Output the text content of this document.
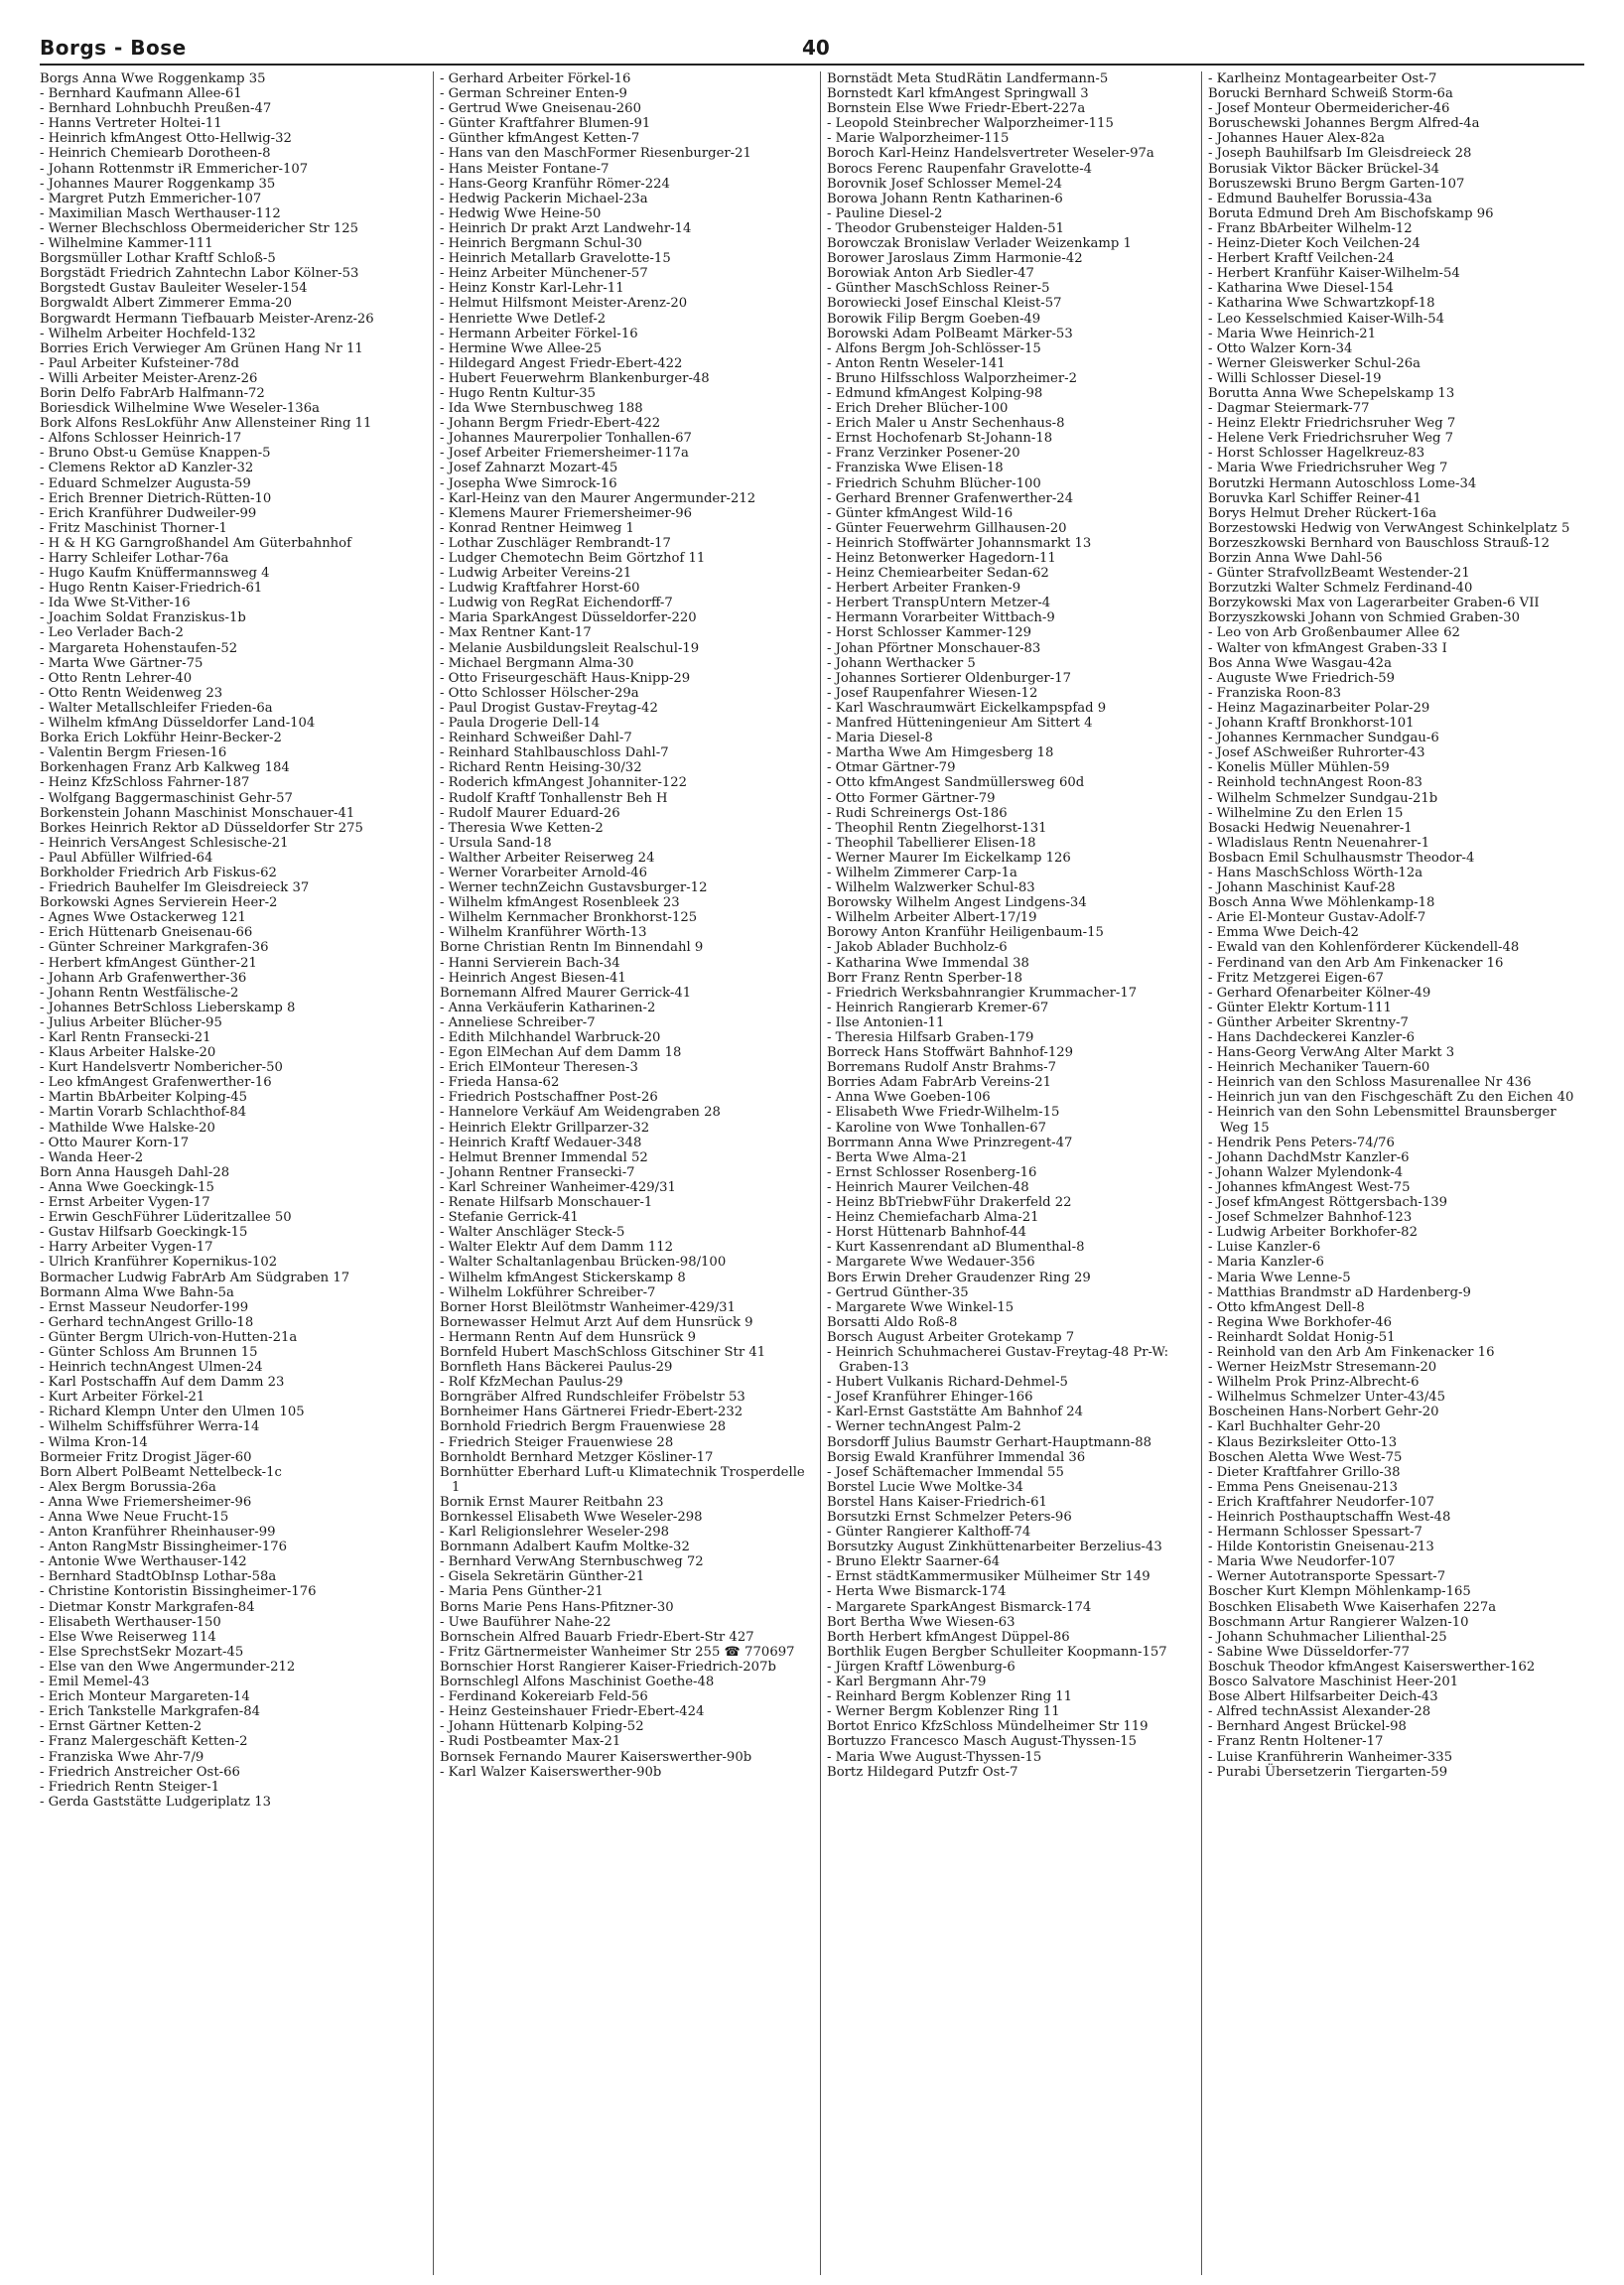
Borgs - Bose	40

Borgs Anna Wwe Roggenkamp 35

- Bernhard Kaufmann Allee-61

- Bernhard Lohnbuchh Preußen-47

- Hanns Vertreter Holtei-11

- Heinrich kfmAngest Otto-Hellwig-32

- Heinrich Chemiearb Dorotheen-8

- Johann Rottenmstr iR Emmericher-107

- Johannes Maurer Roggenkamp 35

- Margret Putzh Emmericher-107

- Maximilian Masch Werthauser-112

- Werner Blechschloss Obermeidericher Str 125

- Wilhelmine Kammer-111

Borgsmüller Lothar Kraftf Schloß-5

Borgstädt Friedrich Zahntechn Labor Kölner-53

Borgstedt Gustav Bauleiter Weseler-154

Borgwaldt Albert Zimmerer Emma-20

Borgwardt Hermann Tiefbauarb Meister-Arenz-26

- Wilhelm Arbeiter Hochfeld-132

Borries Erich Verwieger Am Grünen Hang Nr 11

- Paul Arbeiter Kufsteiner-78d

- Willi Arbeiter Meister-Arenz-26

Borin Delfo FabrArb Halfmann-72

Boriesdick Wilhelmine Wwe Weseler-136a

Bork Alfons ResLokführ Anw Allensteiner Ring 11

- Alfons Schlosser Heinrich-17

- Bruno Obst-u Gemüse Knappen-5

- Clemens Rektor aD Kanzler-32

- Eduard Schmelzer Augusta-59

- Erich Brenner Dietrich-Rütten-10

- Erich Kranführer Dudweiler-99

- Fritz Maschinist Thorner-1

- H & H KG Garngroßhandel Am Güterbahnhof

- Harry Schleifer Lothar-76a

- Hugo Kaufm Knüffermannsweg 4

- Hugo Rentn Kaiser-Friedrich-61

- Ida Wwe St-Vither-16

- Joachim Soldat Franziskus-1b

- Leo Verlader Bach-2

- Margareta Hohenstaufen-52

- Marta Wwe Gärtner-75

- Otto Rentn Lehrer-40

- Otto Rentn Weidenweg 23

- Walter Metallschleifer Frieden-6a

- Wilhelm kfmAng Düsseldorfer Land-104

Borka Erich Lokführ Heinr-Becker-2

- Valentin Bergm Friesen-16

Borkenhagen Franz Arb Kalkweg 184

- Heinz KfzSchloss Fahrner-187

- Wolfgang Baggermaschinist Gehr-57

Borkenstein Johann Maschinist Monschauer-41

Borkes Heinrich Rektor aD Düsseldorfer Str 275

- Heinrich VersAngest Schlesische-21

- Paul Abfüller Wilfried-64

Borkholder Friedrich Arb Fiskus-62

- Friedrich Bauhelfer Im Gleisdreieck 37

Borkowski Agnes Servierein Heer-2

- Agnes Wwe Ostackerweg 121

- Erich Hüttenarb Gneisenau-66

- Günter Schreiner Markgrafen-36

- Herbert kfmAngest Günther-21

- Johann Arb Grafenwerther-36

- Johann Rentn Westfälische-2

- Johannes BetrSchloss Lieberskamp 8

- Julius Arbeiter Blücher-95

- Karl Rentn Fransecki-21

- Klaus Arbeiter Halske-20

- Kurt Handelsvertr Nombericher-50

- Leo kfmAngest Grafenwerther-16

- Martin BbArbeiter Kolping-45

- Martin Vorarb Schlachthof-84

- Mathilde Wwe Halske-20

- Otto Maurer Korn-17

- Wanda Heer-2

Born Anna Hausgeh Dahl-28

- Anna Wwe Goeckingk-15

- Ernst Arbeiter Vygen-17

- Erwin GeschFührer Lüderitzallee 50

- Gustav Hilfsarb Goeckingk-15

- Harry Arbeiter Vygen-17

- Ulrich Kranführer Kopernikus-102

Bormacher Ludwig FabrArb Am Südgraben 17

Bormann Alma Wwe Bahn-5a

- Ernst Masseur Neudorfer-199

- Gerhard technAngest Grillo-18

- Günter Bergm Ulrich-von-Hutten-21a

- Günter Schloss Am Brunnen 15

- Heinrich technAngest Ulmen-24

- Karl Postschaffn Auf dem Damm 23

- Kurt Arbeiter Förkel-21

- Richard Klempn Unter den Ulmen 105

- Wilhelm Schiffsführer Werra-14

- Wilma Kron-14

Bormeier Fritz Drogist Jäger-60

Born Albert PolBeamt Nettelbeck-1c

- Alex Bergm Borussia-26a

- Anna Wwe Friemersheimer-96

- Anna Wwe Neue Frucht-15

- Anton Kranführer Rheinhauser-99

- Anton RangMstr Bissingheimer-176

- Antonie Wwe Werthauser-142

- Bernhard StadtObInsp Lothar-58a

- Christine Kontoristin Bissingheimer-176

- Dietmar Konstr Markgrafen-84

- Elisabeth Werthauser-150

- Else Wwe Reiserweg 114

- Else SprechstSekr Mozart-45

- Else van den Wwe Angermunder-212

- Emil Memel-43

- Erich Monteur Margareten-14

- Erich Tankstelle Markgrafen-84

- Ernst Gärtner Ketten-2

- Franz Malergeschäft Ketten-2

- Franziska Wwe Ahr-7/9

- Friedrich Anstreicher Ost-66

- Friedrich Rentn Steiger-1

- Gerda Gaststätte Ludgeriplatz 13

- Gerhard Arbeiter Förkel-16

- German Schreiner Enten-9

- Gertrud Wwe Gneisenau-260

- Günter Kraftfahrer Blumen-91

- Günther kfmAngest Ketten-7

- Hans van den MaschFormer Riesenburger-21

- Hans Meister Fontane-7

- Hans-Georg Kranführ Römer-224

- Hedwig Packerin Michael-23a

- Hedwig Wwe Heine-50

- Heinrich Dr prakt Arzt Landwehr-14

- Heinrich Bergmann Schul-30

- Heinrich Metallarb Gravelotte-15

- Heinz Arbeiter Münchener-57

- Heinz Konstr Karl-Lehr-11

- Helmut Hilfsmont Meister-Arenz-20

- Henriette Wwe Detlef-2

- Hermann Arbeiter Förkel-16

- Hermine Wwe Allee-25

- Hildegard Angest Friedr-Ebert-422

- Hubert Feuerwehrm Blankenburger-48

- Hugo Rentn Kultur-35

- Ida Wwe Sternbuschweg 188

- Johann Bergm Friedr-Ebert-422

- Johannes Maurerpolier Tonhallen-67

- Josef Arbeiter Friemersheimer-117a

- Josef Zahnarzt Mozart-45

- Josepha Wwe Simrock-16

- Karl-Heinz van den Maurer Angermunder-212

- Klemens Maurer Friemersheimer-96

- Konrad Rentner Heimweg 1

- Lothar Zuschläger Rembrandt-17

- Ludger Chemotechn Beim Görtzhof 11

- Ludwig Arbeiter Vereins-21

- Ludwig Kraftfahrer Horst-60

- Ludwig von RegRat Eichendorff-7

- Maria SparkAngest Düsseldorfer-220

- Max Rentner Kant-17

- Melanie Ausbildungsleit Realschul-19

- Michael Bergmann Alma-30

- Otto Friseurgeschäft Haus-Knipp-29

- Otto Schlosser Hölscher-29a

- Paul Drogist Gustav-Freytag-42

- Paula Drogerie Dell-14

- Reinhard Schweißer Dahl-7

- Reinhard Stahlbauschloss Dahl-7

- Richard Rentn Heising-30/32

- Roderich kfmAngest Johanniter-122

- Rudolf Kraftf Tonhallenstr Beh H

- Rudolf Maurer Eduard-26

- Theresia Wwe Ketten-2

- Ursula Sand-18

- Walther Arbeiter Reiserweg 24

- Werner Vorarbeiter Arnold-46

- Werner technZeichn Gustavsburger-12

- Wilhelm kfmAngest Rosenbleek 23

- Wilhelm Kernmacher Bronkhorst-125

- Wilhelm Kranführer Wörth-13

Borne Christian Rentn Im Binnendahl 9

- Hanni Servierein Bach-34

- Heinrich Angest Biesen-41

Bornemann Alfred Maurer Gerrick-41

- Anna Verkäuferin Katharinen-2

- Anneliese Schreiber-7

- Edith Milchhandel Warbruck-20

- Egon ElMechan Auf dem Damm 18

- Erich ElMonteur Theresen-3

- Frieda Hansa-62

- Friedrich Postschaffner Post-26

- Hannelore Verkäuf Am Weidengraben 28

- Heinrich Elektr Grillparzer-32

- Heinrich Kraftf Wedauer-348

- Helmut Brenner Immendal 52

- Johann Rentner Fransecki-7

- Karl Schreiner Wanheimer-429/31

- Renate Hilfsarb Monschauer-1

- Stefanie Gerrick-41

- Walter Anschläger Steck-5

- Walter Elektr Auf dem Damm 112

- Walter Schaltanlagenbau Brücken-98/100

- Wilhelm kfmAngest Stickerskamp 8

- Wilhelm Lokführer Schreiber-7

Borner Horst Bleilötmstr Wanheimer-429/31

Bornewasser Helmut Arzt Auf dem Hunsrück 9

- Hermann Rentn Auf dem Hunsrück 9

Bornfeld Hubert MaschSchloss Gitschiner Str 41

Bornfleth Hans Bäckerei Paulus-29

- Rolf KfzMechan Paulus-29

Borngräber Alfred Rundschleifer Fröbelstr 53

Bornheimer Hans Gärtnerei Friedr-Ebert-232

Bornhold Friedrich Bergm Frauenwiese 28

- Friedrich Steiger Frauenwiese 28

Bornholdt Bernhard Metzger Kösliner-17

Bornhütter Eberhard Luft-u Klimatechnik Trosperdelle 1

Bornik Ernst Maurer Reitbahn 23

Bornkessel Elisabeth Wwe Weseler-298

- Karl Religionslehrer Weseler-298

Bornmann Adalbert Kaufm Moltke-32

- Bernhard VerwAng Sternbuschweg 72

- Gisela Sekretärin Günther-21

- Maria Pens Günther-21

Borns Marie Pens Hans-Pfitzner-30

- Uwe Bauführer Nahe-22

Bornschein Alfred Bauarb Friedr-Ebert-Str 427

- Fritz Gärtnermeister Wanheimer Str 255 ☎ 770697

Bornschier Horst Rangierer Kaiser-Friedrich-207b

Bornschlegl Alfons Maschinist Goethe-48

- Ferdinand Kokereiarb Feld-56

- Heinz Gesteinshauer Friedr-Ebert-424

- Johann Hüttenarb Kolping-52

- Rudi Postbeamter Max-21

Bornsek Fernando Maurer Kaiserswerther-90b

- Karl Walzer Kaiserswerther-90b

Bornstädt Meta StudRätin Landfermann-5

Bornstedt Karl kfmAngest Springwall 3

Bornstein Else Wwe Friedr-Ebert-227a

- Leopold Steinbrecher Walporzheimer-115

- Marie Walporzheimer-115

Boroch Karl-Heinz Handelsvertreter Weseler-97a

Borocs Ferenc Raupenfahr Gravelotte-4

Borovnik Josef Schlosser Memel-24

Borowa Johann Rentn Katharinen-6

- Pauline Diesel-2

- Theodor Grubensteiger Halden-51

Borowczak Bronislaw Verlader Weizenkamp 1

Borower Jaroslaus Zimm Harmonie-42

Borowiak Anton Arb Siedler-47

- Günther MaschSchloss Reiner-5

Borowiecki Josef Einschal Kleist-57

Borowik Filip Bergm Goeben-49

Borowski Adam PolBeamt Märker-53

- Alfons Bergm Joh-Schlösser-15

- Anton Rentn Weseler-141

- Bruno Hilfsschloss Walporzheimer-2

- Edmund kfmAngest Kolping-98

- Erich Dreher Blücher-100

- Erich Maler u Anstr Sechenhaus-8

- Ernst Hochofenarb St-Johann-18

- Franz Verzinker Posener-20

- Franziska Wwe Elisen-18

- Friedrich Schuhm Blücher-100

- Gerhard Brenner Grafenwerther-24

- Günter kfmAngest Wild-16

- Günter Feuerwehrm Gillhausen-20

- Heinrich Stoffwärter Johannsmarkt 13

- Heinz Betonwerker Hagedorn-11

- Heinz Chemiearbeiter Sedan-62

- Herbert Arbeiter Franken-9

- Herbert TranspUntern Metzer-4

- Hermann Vorarbeiter Wittbach-9

- Horst Schlosser Kammer-129

- Johan Pförtner Monschauer-83

- Johann Werthacker 5

- Johannes Sortierer Oldenburger-17

- Josef Raupenfahrer Wiesen-12

- Karl Waschraumwärt Eickelkampspfad 9

- Manfred Hütteningenieur Am Sittert 4

- Maria Diesel-8

- Martha Wwe Am Himgesberg 18

- Otmar Gärtner-79

- Otto kfmAngest Sandmüllersweg 60d

- Otto Former Gärtner-79

- Rudi Schreinergs Ost-186

- Theophil Rentn Ziegelhorst-131

- Theophil Tabellierer Elisen-18

- Werner Maurer Im Eickelkamp 126

- Wilhelm Zimmerer Carp-1a

- Wilhelm Walzwerker Schul-83

Borowsky Wilhelm Angest Lindgens-34

- Wilhelm Arbeiter Albert-17/19

Borowy Anton Kranführ Heiligenbaum-15

- Jakob Ablader Buchholz-6

- Katharina Wwe Immendal 38

Borr Franz Rentn Sperber-18

- Friedrich Werksbahnrangier Krummacher-17

- Heinrich Rangierarb Kremer-67

- Ilse Antonien-11

- Theresia Hilfsarb Graben-179

Borreck Hans Stoffwärt Bahnhof-129

Borremans Rudolf Anstr Brahms-7

Borries Adam FabrArb Vereins-21

- Anna Wwe Goeben-106

- Elisabeth Wwe Friedr-Wilhelm-15

- Karoline von Wwe Tonhallen-67

Borrmann Anna Wwe Prinzregent-47

- Berta Wwe Alma-21

- Ernst Schlosser Rosenberg-16

- Heinrich Maurer Veilchen-48

- Heinz BbTriebwFühr Drakerfeld 22

- Heinz Chemiefacharb Alma-21

- Horst Hüttenarb Bahnhof-44

- Kurt Kassenrendant aD Blumenthal-8

- Margarete Wwe Wedauer-356

Bors Erwin Dreher Graudenzer Ring 29

- Gertrud Günther-35

- Margarete Wwe Winkel-15

Borsatti Aldo Roß-8

Borsch August Arbeiter Grotekamp 7

- Heinrich Schuhmacherei Gustav-Freytag-48 Pr-W: Graben-13

- Hubert Vulkanis Richard-Dehmel-5

- Josef Kranführer Ehinger-166

- Karl-Ernst Gaststätte Am Bahnhof 24

- Werner technAngest Palm-2

Borsdorff Julius Baumstr Gerhart-Hauptmann-88

Borsig Ewald Kranführer Immendal 36

- Josef Schäftemacher Immendal 55

Borstel Lucie Wwe Moltke-34

Borstel Hans Kaiser-Friedrich-61

Borsutzki Ernst Schmelzer Peters-96

- Günter Rangierer Kalthoff-74

Borsutzky August Zinkhüttenarbeiter Berzelius-43

- Bruno Elektr Saarner-64

- Ernst städtKammermusiker Mülheimer Str 149

- Herta Wwe Bismarck-174

- Margarete SparkAngest Bismarck-174

Bort Bertha Wwe Wiesen-63

Borth Herbert kfmAngest Düppel-86

Borthlik Eugen Bergber Schulleiter Koopmann-157

- Jürgen Kraftf Löwenburg-6

- Karl Bergmann Ahr-79

- Reinhard Bergm Koblenzer Ring 11

- Werner Bergm Koblenzer Ring 11

Bortot Enrico KfzSchloss Mündelheimer Str 119

Bortuzzo Francesco Masch August-Thyssen-15

- Maria Wwe August-Thyssen-15

Bortz Hildegard Putzfr Ost-7

- Karlheinz Montagearbeiter Ost-7

Borucki Bernhard Schweiß Storm-6a

- Josef Monteur Obermeidericher-46

Boruschewski Johannes Bergm Alfred-4a

- Johannes Hauer Alex-82a

- Joseph Bauhilfsarb Im Gleisdreieck 28

Borusiak Viktor Bäcker Brückel-34

Boruszewski Bruno Bergm Garten-107

- Edmund Bauhelfer Borussia-43a

Boruta Edmund Dreh Am Bischofskamp 96

- Franz BbArbeiter Wilhelm-12

- Heinz-Dieter Koch Veilchen-24

- Herbert Kraftf Veilchen-24

- Herbert Kranführ Kaiser-Wilhelm-54

- Katharina Wwe Diesel-154

- Katharina Wwe Schwartzkopf-18

- Leo Kesselschmied Kaiser-Wilh-54

- Maria Wwe Heinrich-21

- Otto Walzer Korn-34

- Werner Gleiswerker Schul-26a

- Willi Schlosser Diesel-19

Borutta Anna Wwe Schepelskamp 13

- Dagmar Steiermark-77

- Heinz Elektr Friedrichsruher Weg 7

- Helene Verk Friedrichsruher Weg 7

- Horst Schlosser Hagelkreuz-83

- Maria Wwe Friedrichsruher Weg 7

Borutzki Hermann Autoschloss Lome-34

Boruvka Karl Schiffer Reiner-41

Borys Helmut Dreher Rückert-16a

Borzestowski Hedwig von VerwAngest Schinkelplatz 5

Borzeszkowski Bernhard von Bauschloss Strauß-12

Borzin Anna Wwe Dahl-56

- Günter StrafvollzBeamt Westender-21

Borzutzki Walter Schmelz Ferdinand-40

Borzykowski Max von Lagerarbeiter Graben-6 VII

Borzyszkowski Johann von Schmied Graben-30

- Leo von Arb Großenbaumer Allee 62

- Walter von kfmAngest Graben-33 I

Bos Anna Wwe Wasgau-42a

- Auguste Wwe Friedrich-59

- Franziska Roon-83

- Heinz Magazinarbeiter Polar-29

- Johann Kraftf Bronkhorst-101

- Johannes Kernmacher Sundgau-6

- Josef ASchweißer Ruhrorter-43

- Konelis Müller Mühlen-59

- Reinhold technAngest Roon-83

- Wilhelm Schmelzer Sundgau-21b

- Wilhelmine Zu den Erlen 15

Bosacki Hedwig Neuenahrer-1

- Wladislaus Rentn Neuenahrer-1

Bosbacn Emil Schulhausmstr Theodor-4

- Hans MaschSchloss Wörth-12a

- Johann Maschinist Kauf-28

Bosch Anna Wwe Möhlenkamp-18

- Arie El-Monteur Gustav-Adolf-7

- Emma Wwe Deich-42

- Ewald van den Kohlenförderer Kückendell-48

- Ferdinand van den Arb Am Finkenacker 16

- Fritz Metzgerei Eigen-67

- Gerhard Ofenarbeiter Kölner-49

- Günter Elektr Kortum-111

- Günther Arbeiter Skrentny-7

- Hans Dachdeckerei Kanzler-6

- Hans-Georg VerwAng Alter Markt 3

- Heinrich Mechaniker Tauern-60

- Heinrich van den Schloss Masurenallee Nr 436

- Heinrich jun van den Fischgeschäft Zu den Eichen 40

- Heinrich van den Sohn Lebensmittel Braunsberger Weg 15

- Hendrik Pens Peters-74/76

- Johann DachdMstr Kanzler-6

- Johann Walzer Mylendonk-4

- Johannes kfmAngest West-75

- Josef kfmAngest Röttgersbach-139

- Josef Schmelzer Bahnhof-123

- Ludwig Arbeiter Borkhofer-82

- Luise Kanzler-6

- Maria Kanzler-6

- Maria Wwe Lenne-5

- Matthias Brandmstr aD Hardenberg-9

- Otto kfmAngest Dell-8

- Regina Wwe Borkhofer-46

- Reinhardt Soldat Honig-51

- Reinhold van den Arb Am Finkenacker 16

- Werner HeizMstr Stresemann-20

- Wilhelm Prok Prinz-Albrecht-6

- Wilhelmus Schmelzer Unter-43/45

Boscheinen Hans-Norbert Gehr-20

- Karl Buchhalter Gehr-20

- Klaus Bezirksleiter Otto-13

Boschen Aletta Wwe West-75

- Dieter Kraftfahrer Grillo-38

- Emma Pens Gneisenau-213

- Erich Kraftfahrer Neudorfer-107

- Heinrich Posthauptschaffn West-48

- Hermann Schlosser Spessart-7

- Hilde Kontoristin Gneisenau-213

- Maria Wwe Neudorfer-107

- Werner Autotransporte Spessart-7

Boscher Kurt Klempn Möhlenkamp-165

Boschken Elisabeth Wwe Kaiserhafen 227a

Boschmann Artur Rangierer Walzen-10

- Johann Schuhmacher Lilienthal-25

- Sabine Wwe Düsseldorfer-77

Boschuk Theodor kfmAngest Kaiserswerther-162

Bosco Salvatore Maschinist Heer-201

Bose Albert Hilfsarbeiter Deich-43

- Alfred technAssist Alexander-28

- Bernhard Angest Brückel-98

- Franz Rentn Holtener-17

- Luise Kranführerin Wanheimer-335

- Purabi Übersetzerin Tiergarten-59
